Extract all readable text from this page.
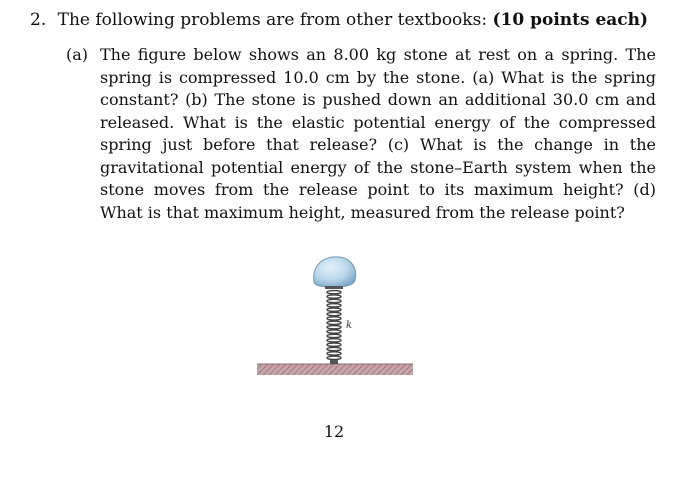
2. The following problems are from other textbooks: (10 points each)
(a) The figure below shows an 8.00 kg stone at rest on a spring. The spring is compressed 10.0 cm by the stone. (a) What is the spring constant? (b) The stone is pushed down an additional 30.0 cm and released. What is the elastic potential energy of the compressed spring just before that release? (c) What is the change in the gravitational potential energy of the stone–Earth system when the stone moves from the release point to its maximum height? (d) What is that maximum height, measured from the release point?
k
12
